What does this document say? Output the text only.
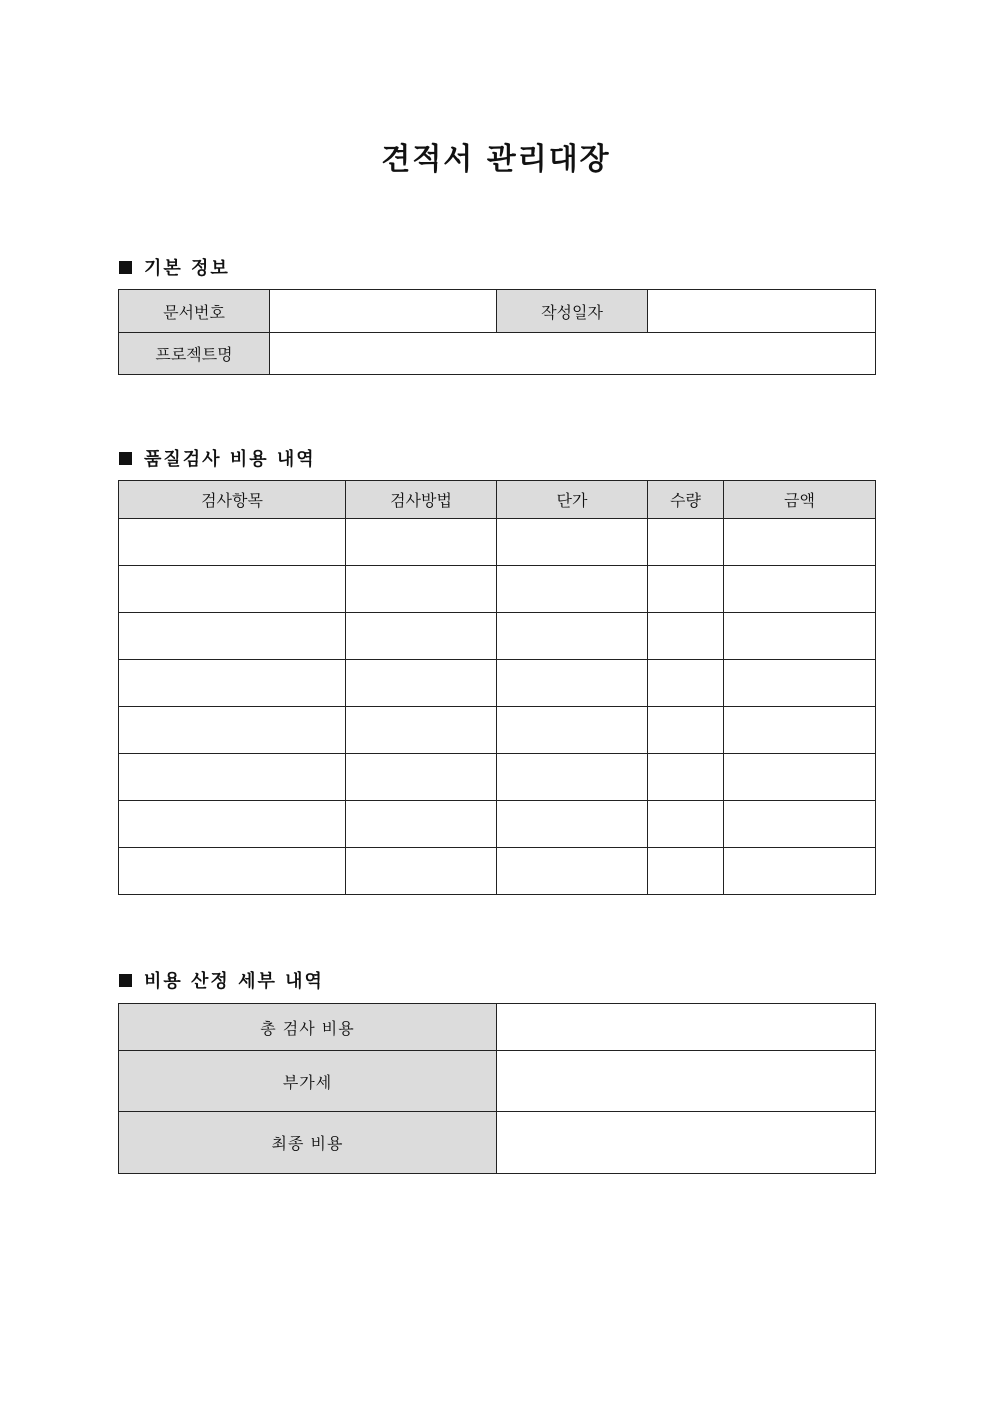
견적서 관리대장
기본 정보
문서번호		작성일자	
프로젝트명			
품질검사 비용 내역
검사항목	검사방법	단가	수량	금액

비용 산정 세부 내역
총 검사 비용	
부가세	
최종 비용	
